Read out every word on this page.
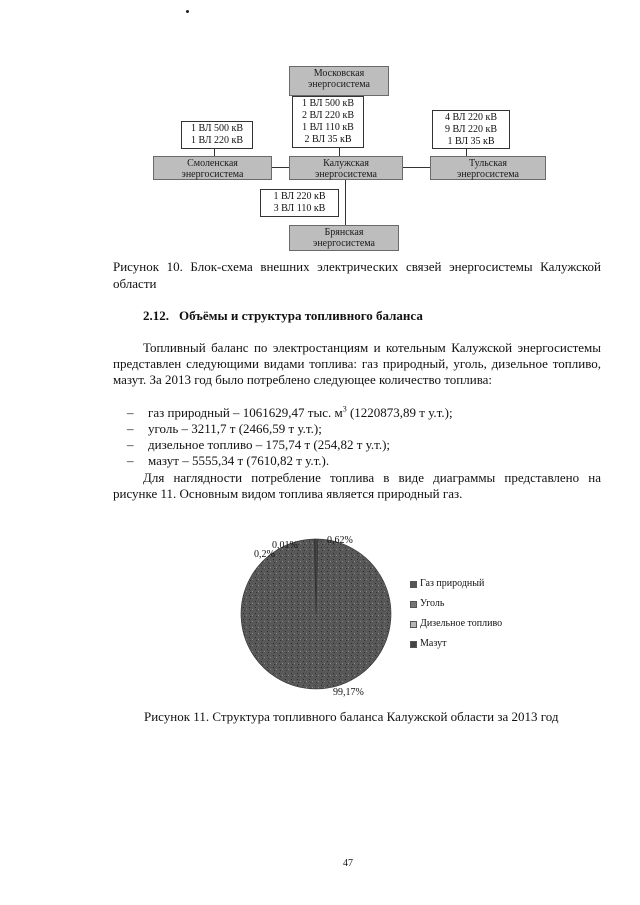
Московская
энергосистема
Калужская
энергосистема
Смоленская
энергосистема
Тульская
энергосистема
Брянская
энергосистема
1 ВЛ 500 кВ
2 ВЛ 220 кВ
1 ВЛ 110 кВ
2 ВЛ 35 кВ
1 ВЛ 500 кВ
1 ВЛ 220 кВ
4 ВЛ 220 кВ
9 ВЛ 220 кВ
1 ВЛ 35 кВ
1 ВЛ 220 кВ
3 ВЛ 110 кВ
Рисунок 10. Блок-схема внешних электрических связей энергосистемы Калужской области
2.12. Объёмы и структура топливного баланса
Топливный баланс по электростанциям и котельным Калужской энергосистемы представлен следующими видами топлива: газ природный, уголь, дизельное топливо, мазут. За 2013 год было потреблено следующее количество топлива:
– газ природный – 1061629,47 тыс. $м^3$ (1220873,89 т у.т.);
– уголь – 3211,7 т (2466,59 т у.т.);
– дизельное топливо – 175,74 т (254,82 т у.т.);
– мазут – 5555,34 т (7610,82 т у.т.).
Для наглядности потребление топлива в виде диаграммы представлено на рисунке 11. Основным видом топлива является природный газ.
0,62%
0,01%
0,2%
99,17%
Газ природный
Уголь
Дизельное топливо
Мазут
Рисунок 11. Структура топливного баланса Калужской области за 2013 год
47
